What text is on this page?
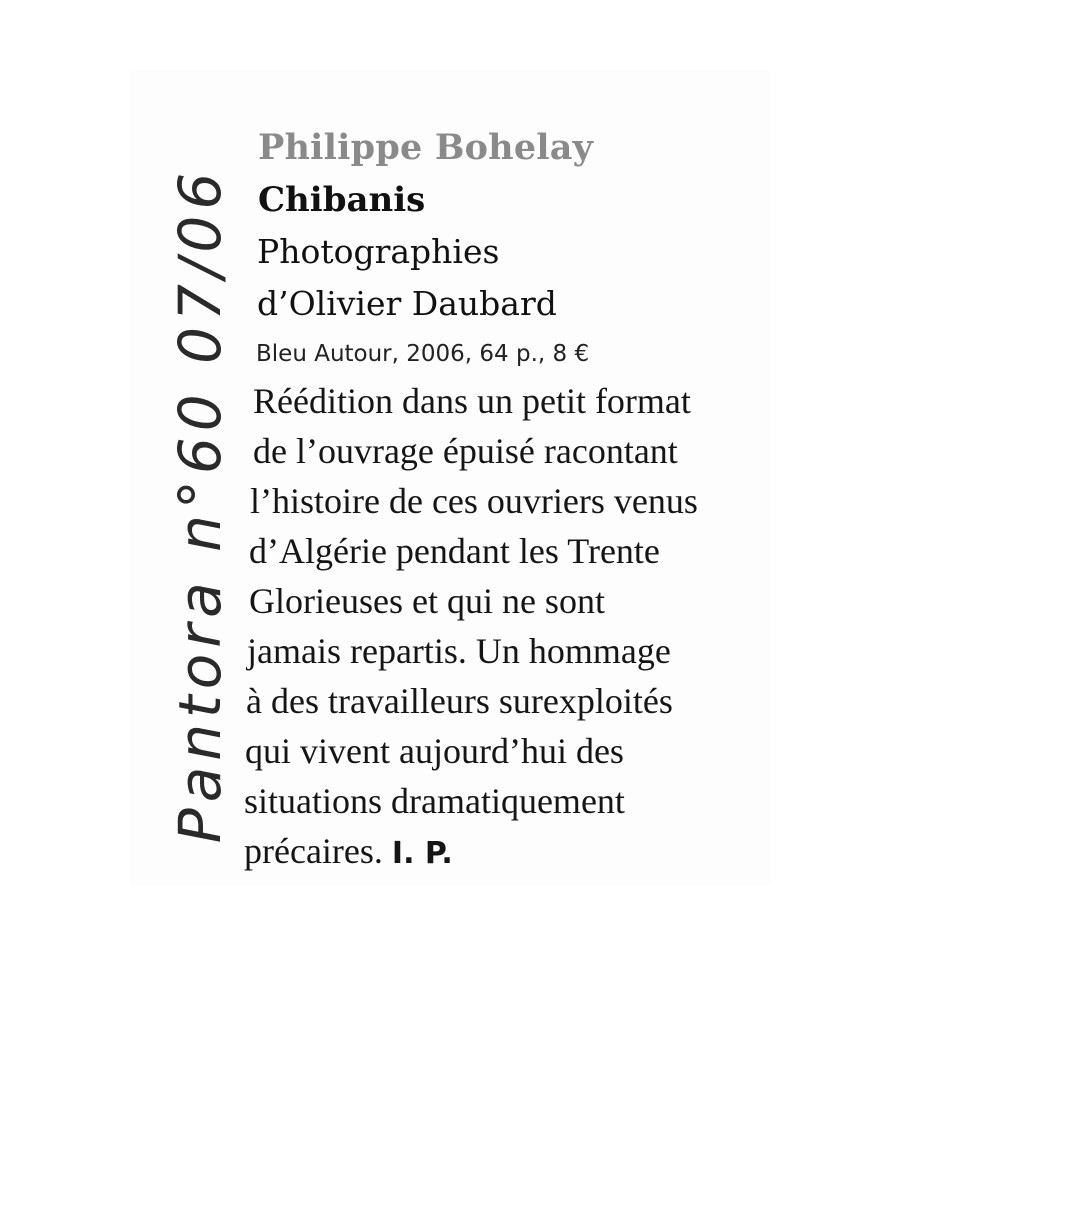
Pantora n°60 07/06
Philippe Bohelay
Chibanis
Photographies
d’Olivier Daubard
Bleu Autour, 2006, 64 p., 8 €
Réédition dans un petit format
de l’ouvrage épuisé racontant
l’histoire de ces ouvriers venus
d’Algérie pendant les Trente
Glorieuses et qui ne sont
jamais repartis. Un hommage
à des travailleurs surexploités
qui vivent aujourd’hui des
situations dramatiquement
précaires. I. P.
